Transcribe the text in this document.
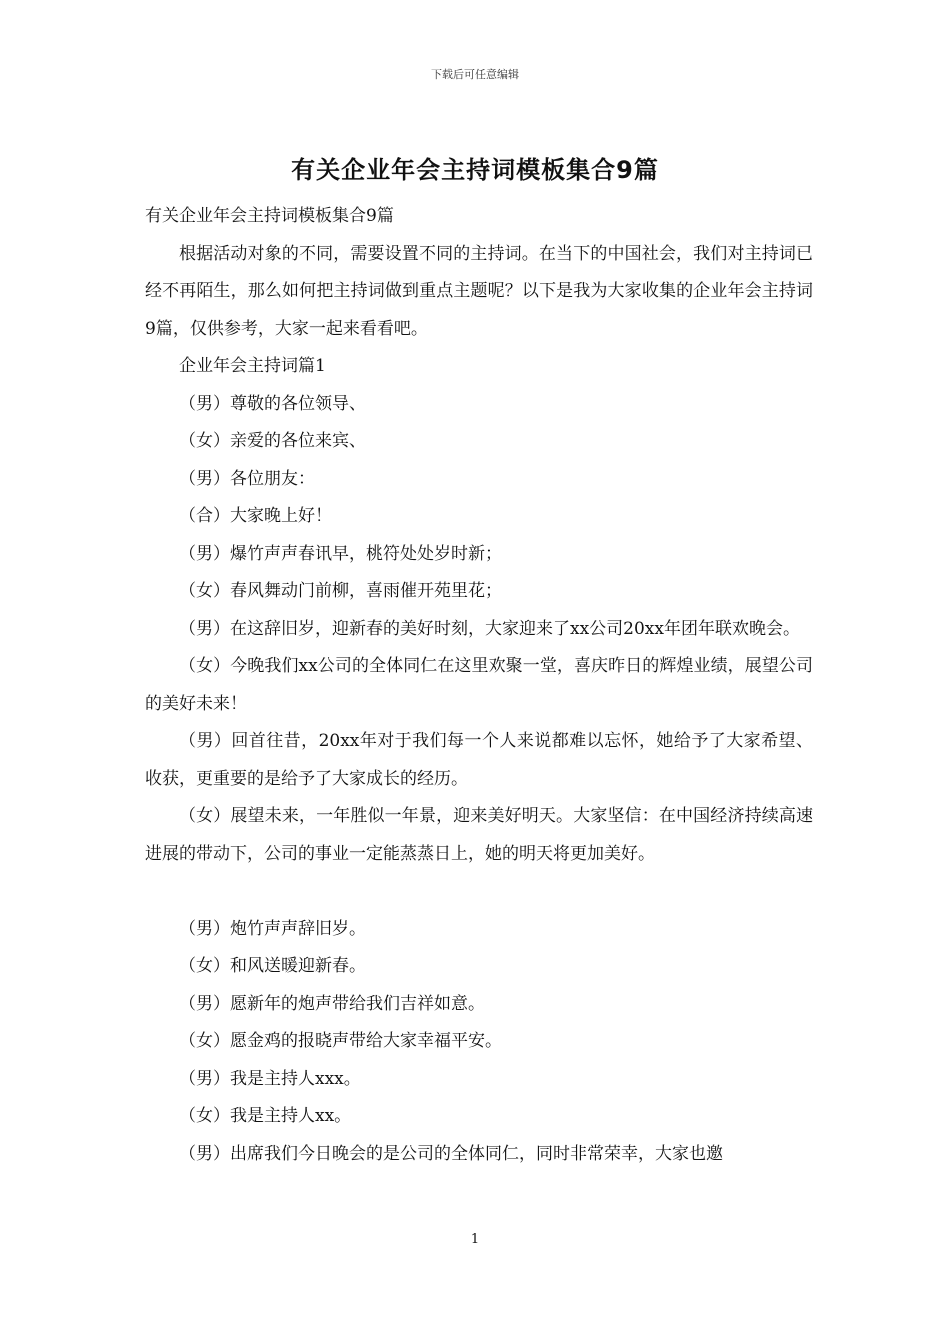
下载后可任意编辑
有关企业年会主持词模板集合9篇

有关企业年会主持词模板集合9篇

根据活动对象的不同，需要设置不同的主持词。在当下的中国社会，我们对主持词已经不再陌生，那么如何把主持词做到重点主题呢？以下是我为大家收集的企业年会主持词9篇，仅供参考，大家一起来看看吧。

企业年会主持词篇1

（男）尊敬的各位领导、

（女）亲爱的各位来宾、

（男）各位朋友：

（合）大家晚上好！

（男）爆竹声声春讯早，桃符处处岁时新；

（女）春风舞动门前柳，喜雨催开苑里花；

（男）在这辞旧岁，迎新春的美好时刻，大家迎来了xx公司20xx年团年联欢晚会。

（女）今晚我们xx公司的全体同仁在这里欢聚一堂，喜庆昨日的辉煌业绩，展望公司的美好未来！

（男）回首往昔，20xx年对于我们每一个人来说都难以忘怀，她给予了大家希望、收获，更重要的是给予了大家成长的经历。

（女）展望未来，一年胜似一年景，迎来美好明天。大家坚信：在中国经济持续高速进展的带动下，公司的事业一定能蒸蒸日上，她的明天将更加美好。

（男）炮竹声声辞旧岁。

（女）和风送暖迎新春。

（男）愿新年的炮声带给我们吉祥如意。

（女）愿金鸡的报晓声带给大家幸福平安。

（男）我是主持人xxx。

（女）我是主持人xx。

（男）出席我们今日晚会的是公司的全体同仁，同时非常荣幸，大家也邀

1
